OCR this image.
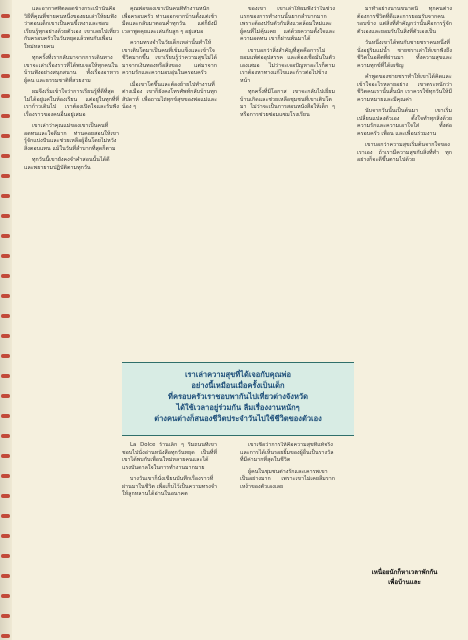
และอากาศที่ตลอดข้างกระเป๋านั้นคือวิธีที่คุณพี่ชายคนหนึ่งของผมเล่าให้ผมฟังว่าตอนเด็กเขาเป็นคนขี้เหงาและชอบเรียนรู้ทุกอย่างด้วยตัวเอง เขาเลยไปเที่ยวกับครอบครัวในวันหยุดแล้วพบกับเพื่อนใหม่หลายคน

ทุกครั้งที่เรากลับมาจากการเดินทาง เขาจะเล่าเรื่องราวที่ได้พบเจอให้ทุกคนในบ้านฟังอย่างสนุกสนาน ทั้งเรื่องอาหาร ผู้คน และธรรมชาติที่สวยงาม

ผมจึงเริ่มเข้าใจว่าการเรียนรู้ที่ดีที่สุดไม่ได้อยู่แค่ในห้องเรียน แต่อยู่ในทุกที่ที่เราก้าวเดินไป เราต้องเปิดใจและรับฟังเรื่องราวของคนอื่นอยู่เสมอ

เขาเล่าว่าคุณแม่ของเขาเป็นคนที่อดทนและใจดีมาก ท่านคอยสอนให้เขารู้จักแบ่งปันและช่วยเหลือผู้อื่นโดยไม่หวังสิ่งตอบแทน แม้ในวันที่ลำบากที่สุดก็ตาม

ทุกวันนี้เขายังคงจำคำสอนนั้นได้ดีและพยายามปฏิบัติตามทุกวัน

คุณพ่อของเขาเป็นคนที่ทำงานหนักเพื่อครอบครัว ท่านออกจากบ้านตั้งแต่เช้ามืดและกลับมาตอนค่ำทุกวัน แต่ก็ยังมีเวลาพูดคุยและเล่นกับลูก ๆ อยู่เสมอ

ความทรงจำในวัยเด็กเหล่านั้นทำให้เขาเติบโตมาเป็นคนที่เข้มแข็งและเข้าใจชีวิตมากขึ้น เขาเรียนรู้ว่าความสุขไม่ได้มาจากเงินทองหรือสิ่งของ แต่มาจากความรักและความอบอุ่นในครอบครัว

เมื่อเขาโตขึ้นและต้องย้ายไปทำงานที่ต่างเมือง เขาก็ยังคงโทรศัพท์กลับบ้านทุกสัปดาห์ เพื่อถามไถ่ทุกข์สุขของพ่อแม่และน้อง ๆ

La Dolce ร้านเล็ก ๆ ริมถนนที่เขาชอบไปนั่งอ่านหนังสือทุกวันหยุด เป็นที่ที่เขาได้พบกับเพื่อนใหม่หลายคนและได้แรงบันดาลใจในการทำงานมากมาย

บางวันเขาก็นั่งเขียนบันทึกเรื่องราวที่ผ่านมาในชีวิต เพื่อเก็บไว้เป็นความทรงจำให้ลูกหลานได้อ่านในอนาคต

ของเขา เขาเล่าให้ผมฟังว่าในช่วงแรกของการทำงานนั้นยากลำบากมาก เพราะต้องปรับตัวกับสิ่งแวดล้อมใหม่และผู้คนที่ไม่คุ้นเคย แต่ด้วยความตั้งใจและความอดทน เขาก็ผ่านพ้นมาได้

เขาบอกว่าสิ่งสำคัญที่สุดคือการไม่ยอมแพ้ต่ออุปสรรค และต้องเชื่อมั่นในตัวเองเสมอ ไม่ว่าจะเจอปัญหาอะไรก็ตาม เราต้องหาทางแก้ไขและก้าวต่อไปข้างหน้า

ทุกครั้งที่มีโอกาส เขาจะกลับไปเยี่ยมบ้านเกิดและช่วยเหลือชุมชนที่เขาเติบโตมา ไม่ว่าจะเป็นการสอนหนังสือให้เด็ก ๆ หรือการช่วยซ่อมแซมโรงเรียน

เขาเชื่อว่าการให้คือความสุขที่แท้จริง และการได้เห็นรอยยิ้มของผู้อื่นเป็นรางวัลที่มีค่ามากที่สุดในชีวิต

ผู้คนในชุมชนต่างรักและเคารพเขาเป็นอย่างมาก เพราะเขาไม่เคยลืมรากเหง้าของตัวเองเลย

มาทำอย่างนานขนาดนี้ ทุกคนต่างต้องการชีวิตที่ดีและการยอมรับจากคนรอบข้าง แต่สิ่งที่สำคัญกว่านั้นคือการรู้จักตัวเองและยอมรับในสิ่งที่ตัวเองเป็น

วันหนึ่งเขาได้พบกับชายชราคนหนึ่งที่นั่งอยู่ริมแม่น้ำ ชายชราเล่าให้เขาฟังถึงชีวิตในอดีตที่ผ่านมา ทั้งความสุขและความทุกข์ที่ได้เผชิญ

คำพูดของชายชราทำให้เขาได้คิดและเข้าใจอะไรหลายอย่าง เขาตระหนักว่าชีวิตคนเรานั้นสั้นนัก เราควรใช้ทุกวันให้มีความหมายและมีคุณค่า

นับจากวันนั้นเป็นต้นมา เขาเริ่มเปลี่ยนแปลงตัวเอง ตั้งใจทำทุกสิ่งด้วยความรักและความเอาใจใส่ ทั้งต่อครอบครัว เพื่อน และเพื่อนร่วมงาน

เขาบอกว่าความสุขเริ่มต้นจากใจของเราเอง ถ้าเรามีความสุขกับสิ่งที่ทำ ทุกอย่างก็จะดีขึ้นตามไปด้วย

เราเล่าความสุขที่ได้เจอกับคุณพ่อ
อย่างนี้เหมือนเมื่อครั้งเป็นเด็ก
ที่ครอบครัวเราชอบพากันไปเที่ยวต่างจังหวัด
ได้ใช้เวลาอยู่ร่วมกัน ลืมเรื่องงานหนักๆ
ต่างคนต่างก็สนองชีวิตประจำวันไปใช้ชีวิตของตัวเอง
เหนื่อยนักก็หาเวลาพักกัน
เพื่อบ้านและ
